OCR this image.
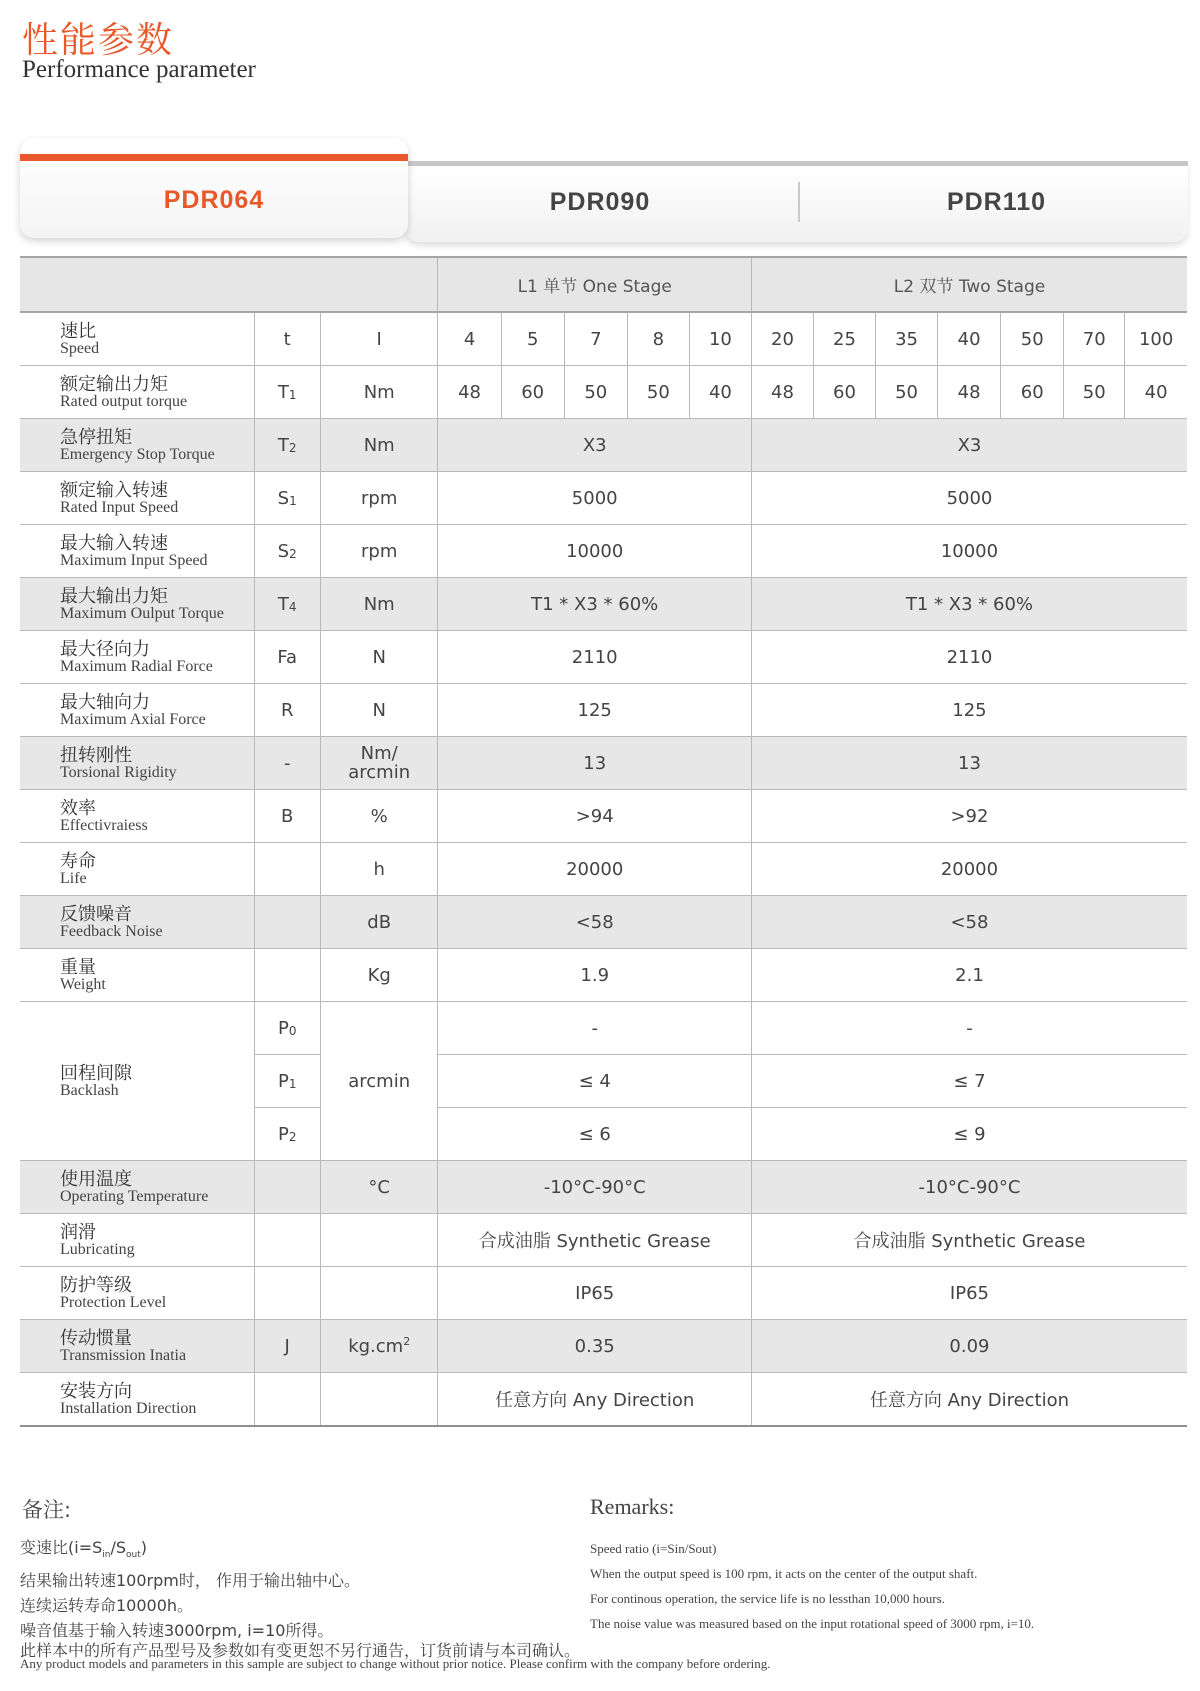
性能参数
Performance parameter
PDR064	PDR090	PDR110
			L1 单节 One Stage					L2 双节 Two Stage						

速比
Speed	t	I	4	5	7	8	10	20	25	35	40	50	70	100

额定输出力矩
Rated output torque	T1	Nm	48	60	50	50	40	48	60	50	48	60	50	40

急停扭矩
Emergency Stop Torque	T2	Nm	X3					X3						

额定输入转速
Rated Input Speed	S1	rpm	5000					5000						

最大输入转速
Maximum Input Speed	S2	rpm	10000					10000						

最大输出力矩
Maximum Oulput Torque	T4	Nm	T1 * X3 * 60%					T1 * X3 * 60%						

最大径向力
Maximum Radial Force	Fa	N	2110					2110						

最大轴向力
Maximum Axial Force	R	N	125					125						

扭转刚性
Torsional Rigidity	-	Nm/ arcmin	13					13						

效率
Effectivraiess	B	%	>94					>92						

寿命
Life		h	20000					20000						

反馈噪音
Feedback Noise		dB	<58					<58						

重量
Weight		Kg	1.9					2.1						

回程间隙
Backlash	P0	arcmin	-					-						
	P1		≤ 4					≤ 7						
	P2		≤ 6					≤ 9						

使用温度
Operating Temperature		°C	-10°C-90°C					-10°C-90°C						

润滑
Lubricating			合成油脂 Synthetic Grease					合成油脂 Synthetic Grease						

防护等级
Protection Level			IP65					IP65						

传动惯量
Transmission Inatia	J	$kg.cm^2$	0.35					0.09						

安装方向
Installation Direction			任意方向 Any Direction					任意方向 Any Direction						
备注:	Remarks:
变速比$(i=S_{in}/S_{out})$
结果输出转速100rpm时， 作用于输出轴中心。
连续运转寿命10000h。
噪音值基于输入转速3000rpm, i=10所得。
Speed ratio (i=Sin/Sout)
When the output speed is 100 rpm, it acts on the center of the output shaft.
For continous operation, the service life is no lessthan 10,000 hours.
The noise value was measured based on the input rotational speed of 3000 rpm, i=10.
此样本中的所有产品型号及参数如有变更恕不另行通告，订货前请与本司确认。
Any product models and parameters in this sample are subject to change without prior notice. Please confirm with the company before ordering.
